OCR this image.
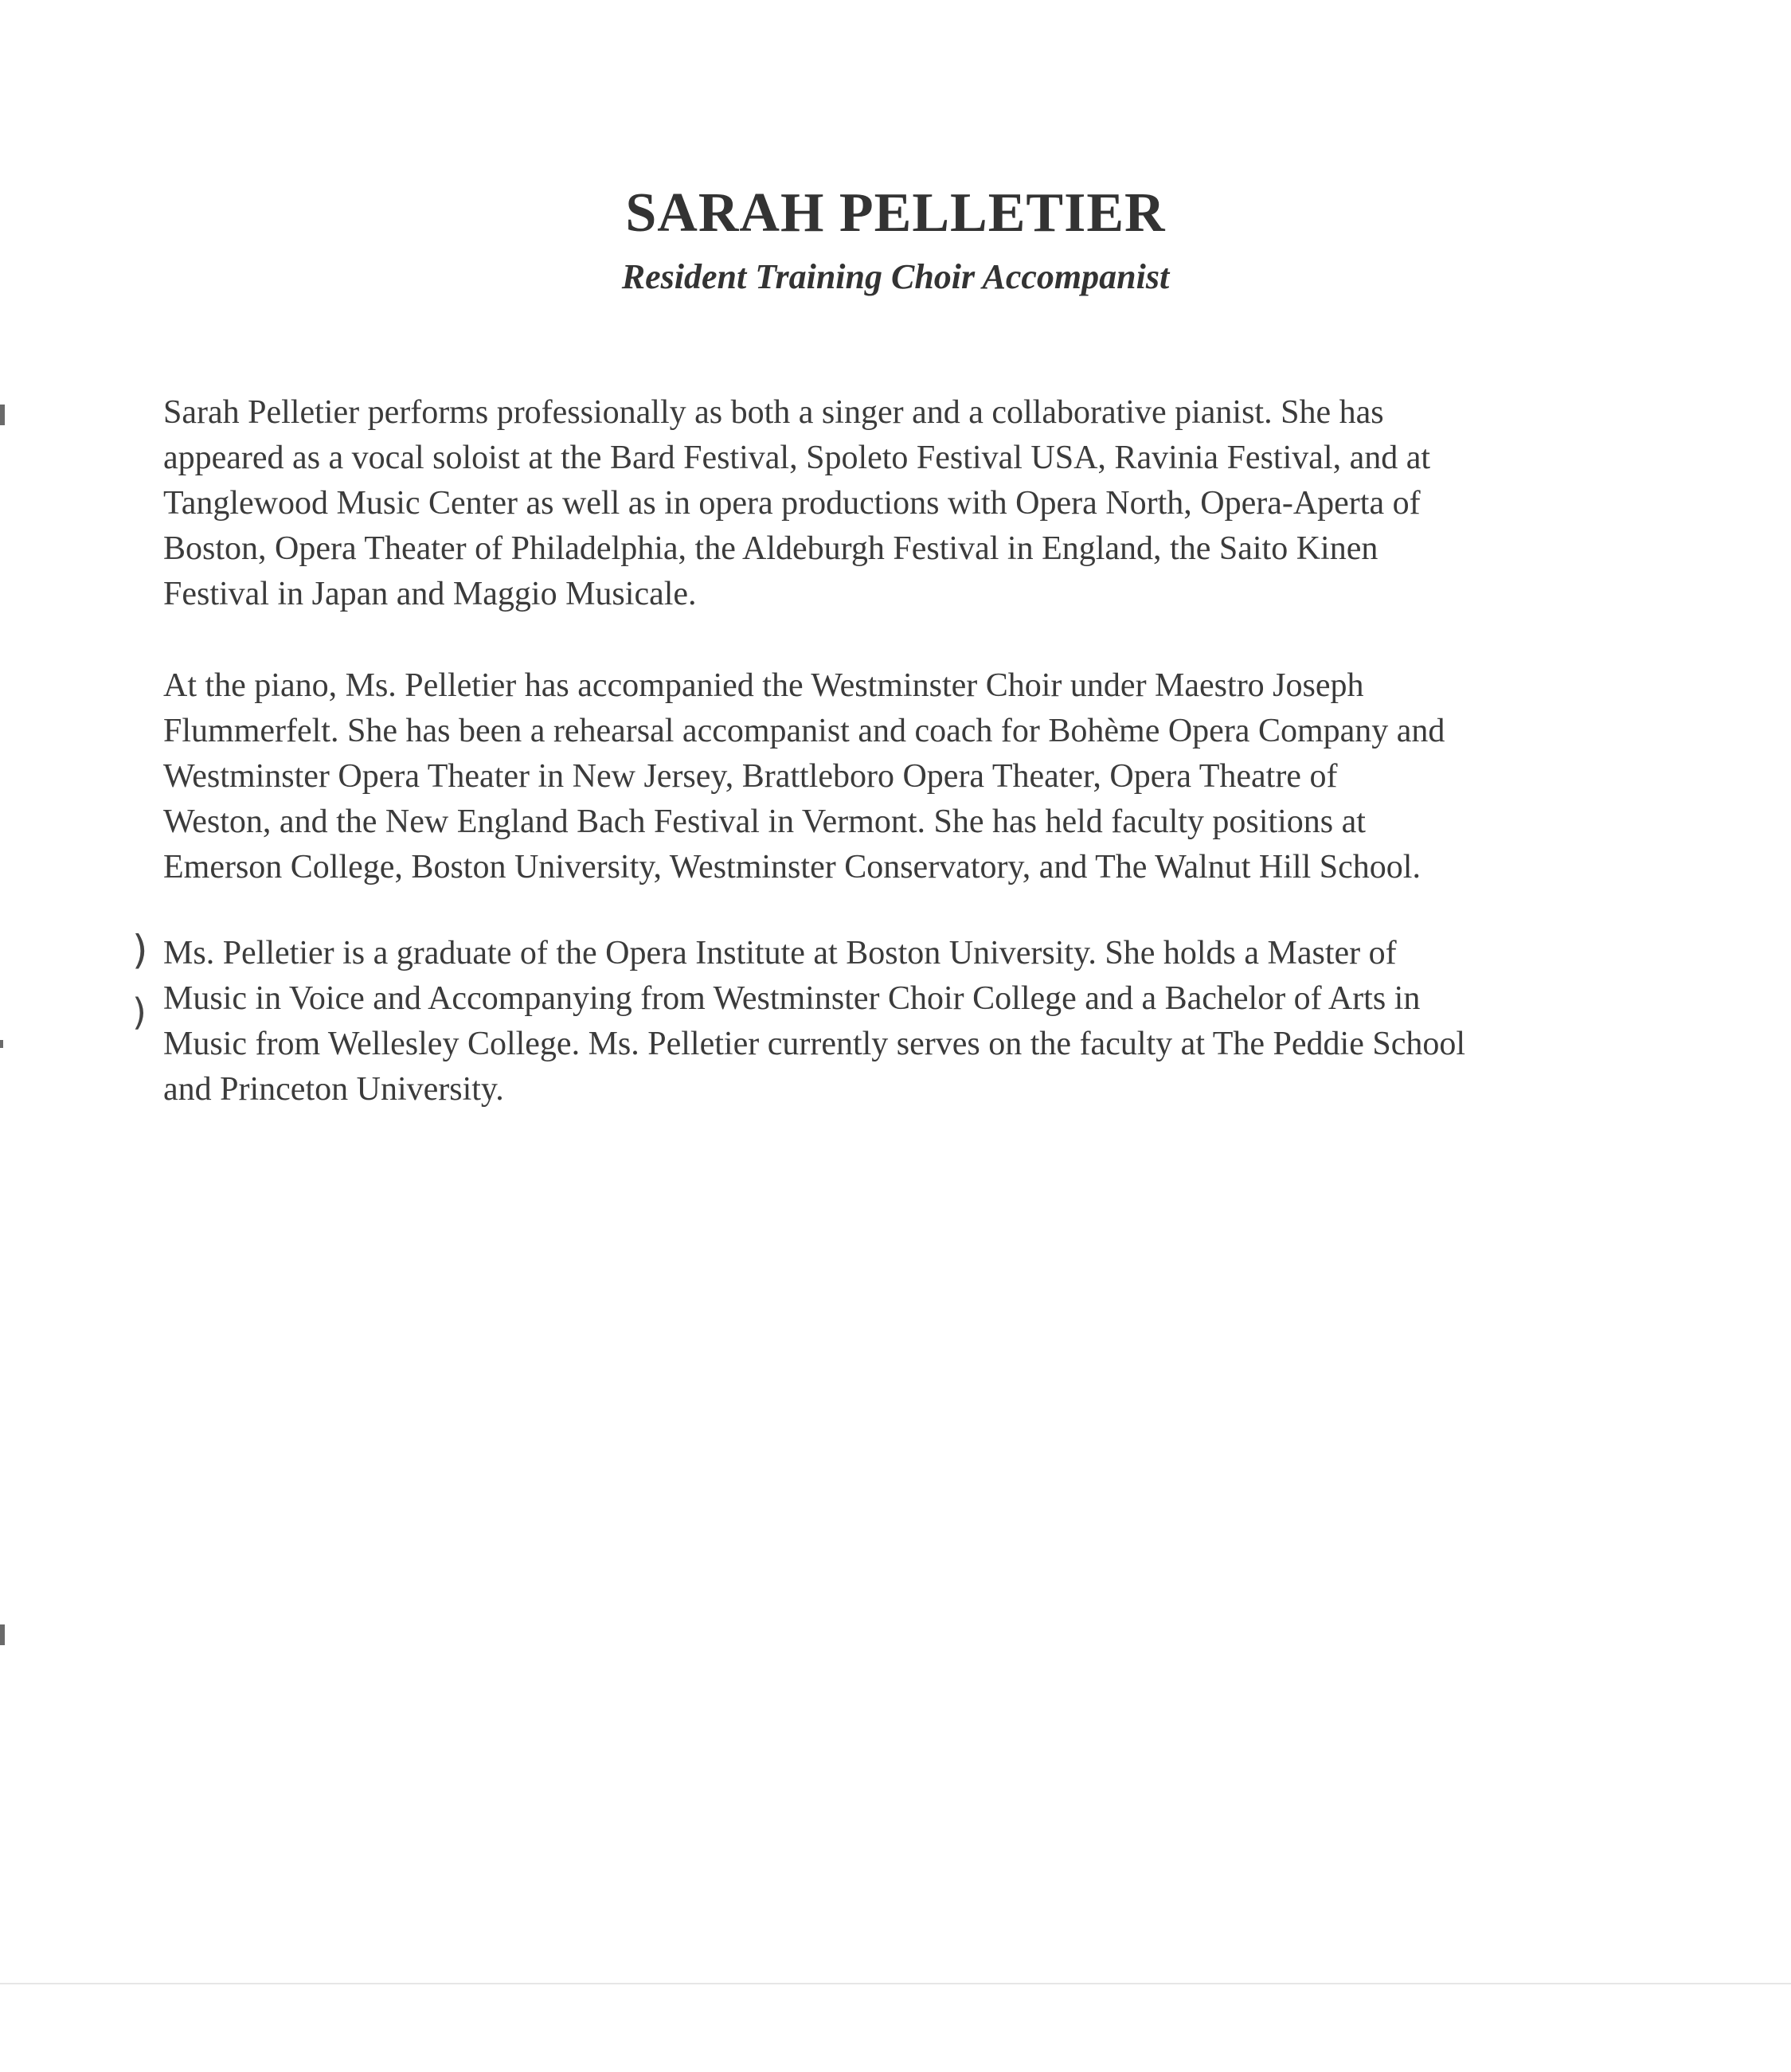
SARAH PELLETIER
Resident Training Choir Accompanist
Sarah Pelletier performs professionally as both a singer and a collaborative pianist. She has
appeared as a vocal soloist at the Bard Festival, Spoleto Festival USA, Ravinia Festival, and at
Tanglewood Music Center as well as in opera productions with Opera North, Opera-Aperta of
Boston, Opera Theater of Philadelphia, the Aldeburgh Festival in England, the Saito Kinen
Festival in Japan and Maggio Musicale.
At the piano, Ms. Pelletier has accompanied the Westminster Choir under Maestro Joseph
Flummerfelt. She has been a rehearsal accompanist and coach for Bohème Opera Company and
Westminster Opera Theater in New Jersey, Brattleboro Opera Theater, Opera Theatre of
Weston, and the New England Bach Festival in Vermont. She has held faculty positions at
Emerson College, Boston University, Westminster Conservatory, and The Walnut Hill School.
)
)
Ms. Pelletier is a graduate of the Opera Institute at Boston University. She holds a Master of
Music in Voice and Accompanying from Westminster Choir College and a Bachelor of Arts in
Music from Wellesley College. Ms. Pelletier currently serves on the faculty at The Peddie School
and Princeton University.
